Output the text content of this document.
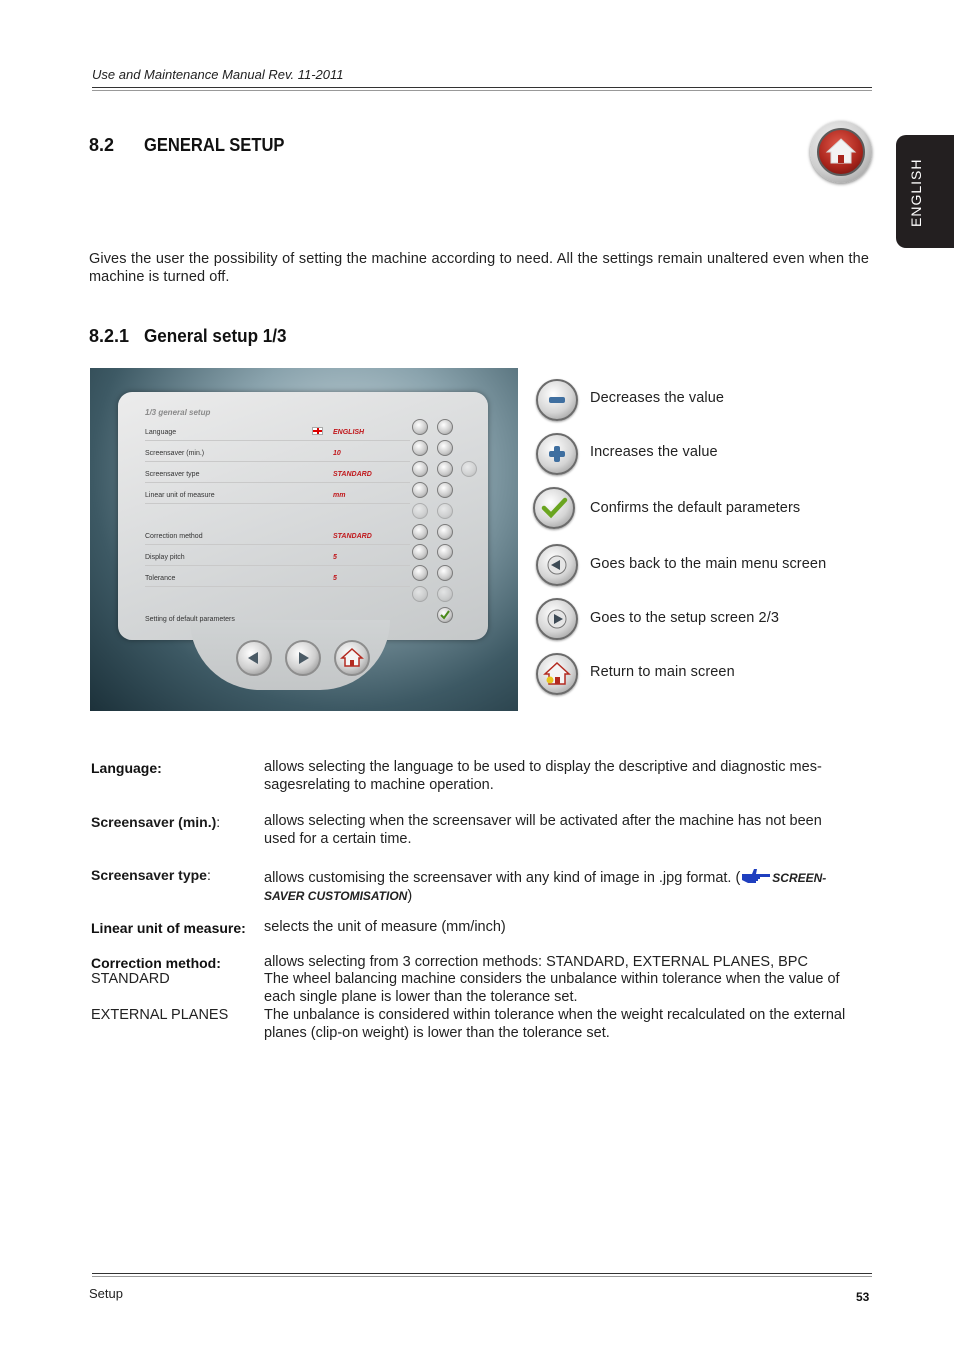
Use and Maintenance Manual Rev. 11-2011
ENGLISH
8.2 GENERAL SETUP
Gives the user the possibility of setting the machine according to need. All the settings remain unaltered even when the machine is turned off.
8.2.1 General setup 1/3
1/3 general setup
Language	ENGLISH
Screensaver (min.)	10
Screensaver type	STANDARD
Linear unit of measure	mm
Correction method	STANDARD
Display pitch	5
Tolerance	5
Setting of default parameters
Decreases the value
Increases the value
Confirms the default parameters
Goes back to the main menu screen
Goes to the setup screen 2/3
Return to main screen
Language:	allows selecting the language to be used to display the descriptive and diagnostic mes-
sagesrelating to machine operation.
Screensaver (min.):	allows selecting when the screensaver will be activated after the machine has not been
used for a certain time.
Screensaver type:	allows customising the screensaver with any kind of image in .jpg format. (	SCREEN-
SAVER CUSTOMISATION)
Linear unit of measure: selects the unit of measure (mm/inch)
Correction method:	allows selecting from 3 correction methods: STANDARD, EXTERNAL PLANES, BPC
STANDARD	The wheel balancing machine considers the unbalance within tolerance when the value of
each single plane is lower than the tolerance set.
EXTERNAL PLANES The unbalance is considered within tolerance when the weight recalculated on the external
planes (clip-on weight) is lower than the tolerance set.
Setup	53
